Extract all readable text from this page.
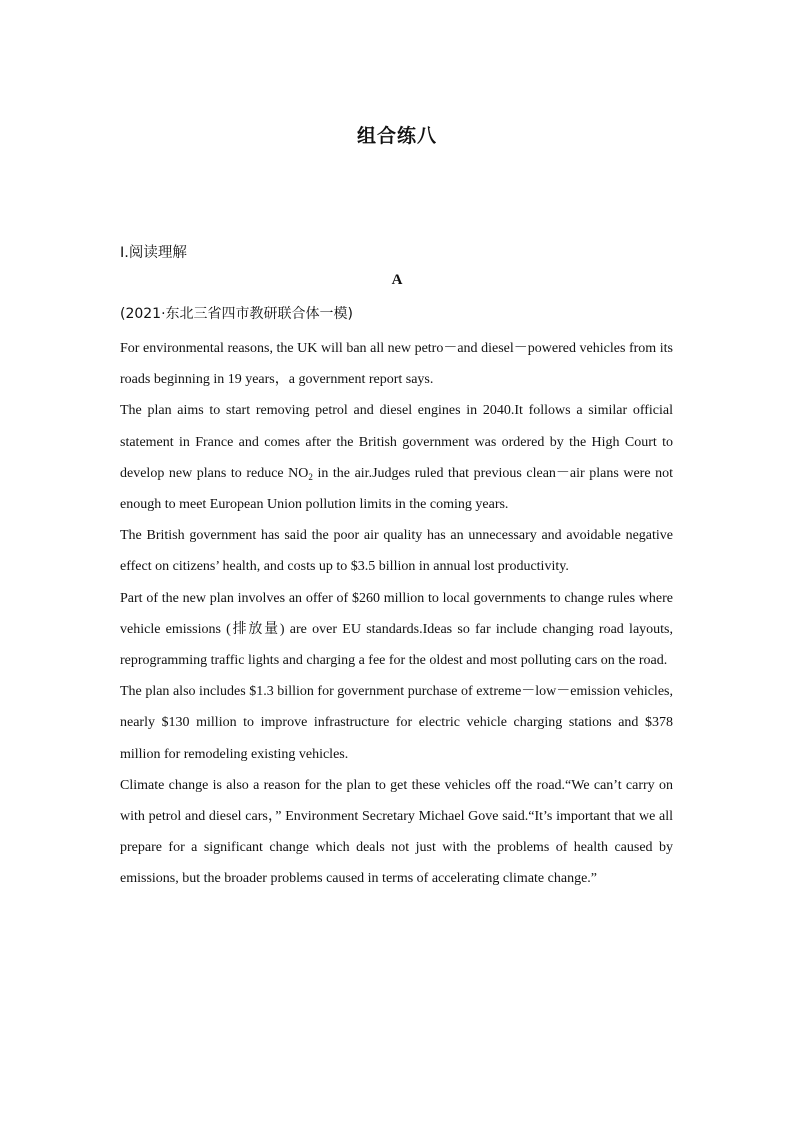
组合练八
Ⅰ.阅读理解
A
(2021·东北三省四市教研联合体一模)

For environmental reasons, the UK will ban all new petro－and diesel－powered vehicles from its roads beginning in 19 years，a government report says.

The plan aims to start removing petrol and diesel engines in 2040.It follows a similar official statement in France and comes after the British government was ordered by the High Court to develop new plans to reduce $NO_2$ in the air.Judges ruled that previous clean－air plans were not enough to meet European Union pollution limits in the coming years.

The British government has said the poor air quality has an unnecessary and avoidable negative effect on citizens’ health, and costs up to $3.5 billion in annual lost productivity.

Part of the new plan involves an offer of $260 million to local governments to change rules where vehicle emissions (排放量) are over EU standards.Ideas so far include changing road layouts, reprogramming traffic lights and charging a fee for the oldest and most polluting cars on the road.

The plan also includes $1.3 billion for government purchase of extreme－low－emission vehicles, nearly $130 million to improve infrastructure for electric vehicle charging stations and $378 million for remodeling existing vehicles.

Climate change is also a reason for the plan to get these vehicles off the road.“We can’t carry on with petrol and diesel cars，” Environment Secretary Michael Gove said.“It’s important that we all prepare for a significant change which deals not just with the problems of health caused by emissions, but the broader problems caused in terms of accelerating climate change.”
